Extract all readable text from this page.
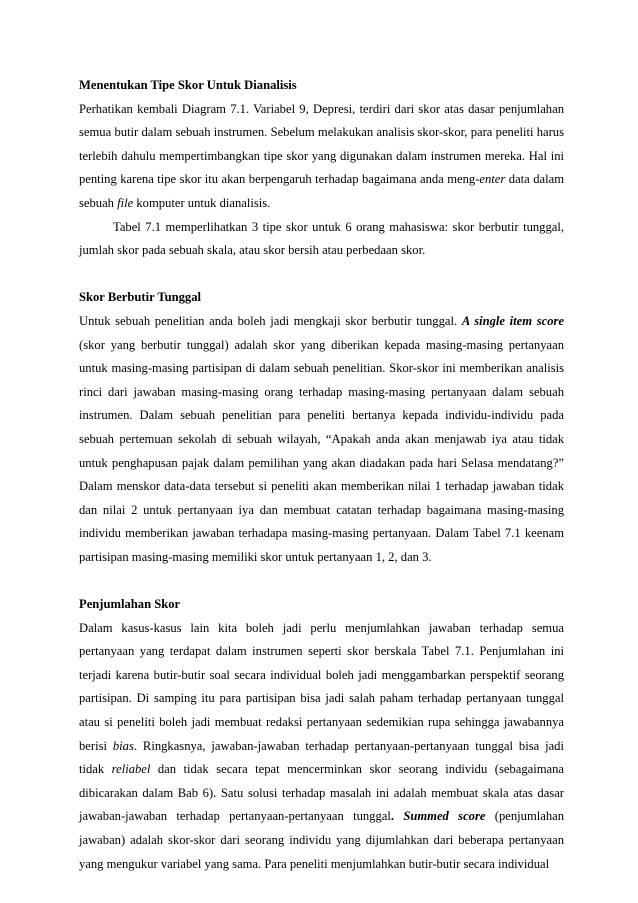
Menentukan Tipe Skor Untuk Dianalisis

Perhatikan kembali Diagram 7.1. Variabel 9, Depresi, terdiri dari skor atas dasar penjumlahan semua butir dalam sebuah instrumen. Sebelum melakukan analisis skor-skor, para peneliti harus terlebih dahulu mempertimbangkan tipe skor yang digunakan dalam instrumen mereka. Hal ini penting karena tipe skor itu akan berpengaruh terhadap bagaimana anda meng-enter data dalam sebuah file komputer untuk dianalisis.

Tabel 7.1 memperlihatkan 3 tipe skor untuk 6 orang mahasiswa: skor berbutir tunggal, jumlah skor pada sebuah skala, atau skor bersih atau perbedaan skor.

Skor Berbutir Tunggal

Untuk sebuah penelitian anda boleh jadi mengkaji skor berbutir tunggal. A single item score (skor yang berbutir tunggal) adalah skor yang diberikan kepada masing-masing pertanyaan untuk masing-masing partisipan di dalam sebuah penelitian. Skor-skor ini memberikan analisis rinci dari jawaban masing-masing orang terhadap masing-masing pertanyaan dalam sebuah instrumen. Dalam sebuah penelitian para peneliti bertanya kepada individu-individu pada sebuah pertemuan sekolah di sebuah wilayah, “Apakah anda akan menjawab iya atau tidak untuk penghapusan pajak dalam pemilihan yang akan diadakan pada hari Selasa mendatang?” Dalam menskor data-data tersebut si peneliti akan memberikan nilai 1 terhadap jawaban tidak dan nilai 2 untuk pertanyaan iya dan membuat catatan terhadap bagaimana masing-masing individu memberikan jawaban terhadapa masing-masing pertanyaan. Dalam Tabel 7.1 keenam partisipan masing-masing memiliki skor untuk pertanyaan 1, 2, dan 3.

Penjumlahan Skor

Dalam kasus-kasus lain kita boleh jadi perlu menjumlahkan jawaban terhadap semua pertanyaan yang terdapat dalam instrumen seperti skor berskala Tabel 7.1. Penjumlahan ini terjadi karena butir-butir soal secara individual boleh jadi menggambarkan perspektif seorang partisipan. Di samping itu para partisipan bisa jadi salah paham terhadap pertanyaan tunggal atau si peneliti boleh jadi membuat redaksi pertanyaan sedemikian rupa sehingga jawabannya berisi bias. Ringkasnya, jawaban-jawaban terhadap pertanyaan-pertanyaan tunggal bisa jadi tidak reliabel dan tidak secara tepat mencerminkan skor seorang individu (sebagaimana dibicarakan dalam Bab 6). Satu solusi terhadap masalah ini adalah membuat skala atas dasar jawaban-jawaban terhadap pertanyaan-pertanyaan tunggal. Summed score (penjumlahan jawaban) adalah skor-skor dari seorang individu yang dijumlahkan dari beberapa pertanyaan yang mengukur variabel yang sama. Para peneliti menjumlahkan butir-butir secara individual
